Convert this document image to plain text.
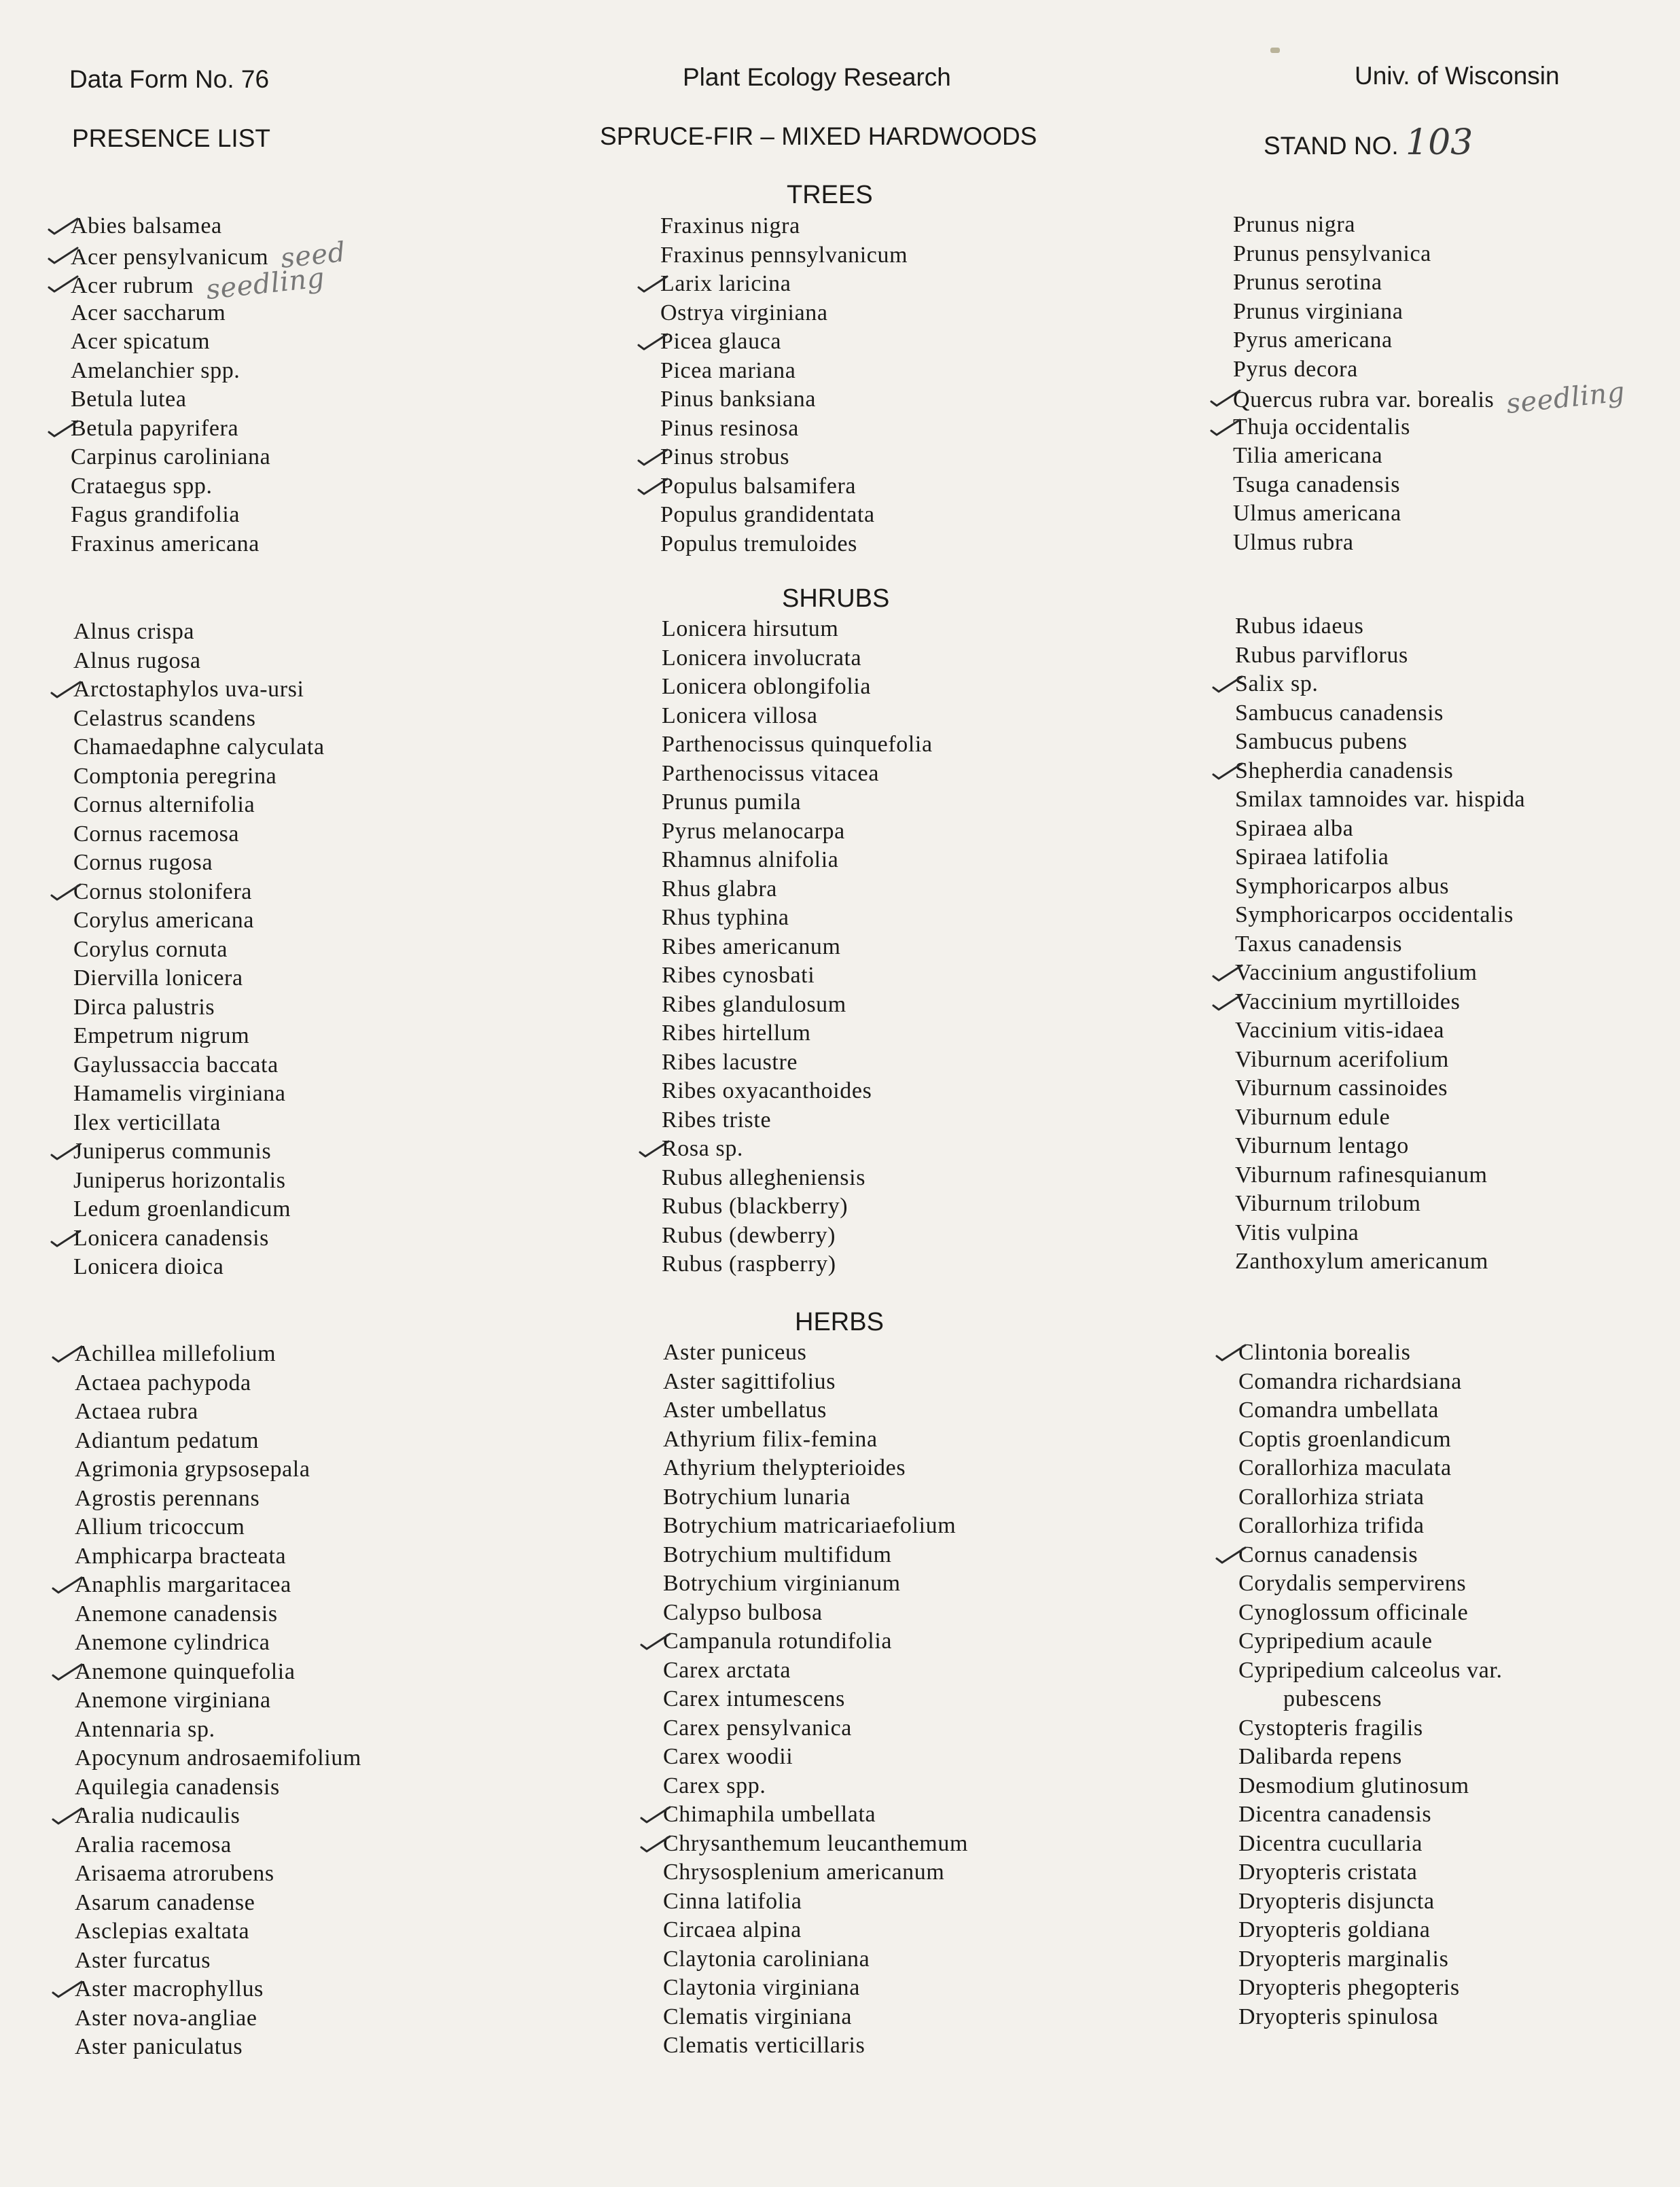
Data Form No. 76	Plant Ecology Research	Univ. of Wisconsin
PRESENCE LIST	SPRUCE-FIR – MIXED HARDWOODS	STAND NO. 103
TREES
SHRUBS
HERBS
Abies balsamea
Acer pensylvanicum seed
Acer rubrum seedling
Acer saccharum
Acer spicatum
Amelanchier spp.
Betula lutea
Betula papyrifera
Carpinus caroliniana
Crataegus spp.
Fagus grandifolia
Fraxinus americana
Fraxinus nigra
Fraxinus pennsylvanicum
Larix laricina
Ostrya virginiana
Picea glauca
Picea mariana
Pinus banksiana
Pinus resinosa
Pinus strobus
Populus balsamifera
Populus grandidentata
Populus tremuloides
Prunus nigra
Prunus pensylvanica
Prunus serotina
Prunus virginiana
Pyrus americana
Pyrus decora
Quercus rubra var. borealis seedling
Thuja occidentalis
Tilia americana
Tsuga canadensis
Ulmus americana
Ulmus rubra
Alnus crispa
Alnus rugosa
Arctostaphylos uva-ursi
Celastrus scandens
Chamaedaphne calyculata
Comptonia peregrina
Cornus alternifolia
Cornus racemosa
Cornus rugosa
Cornus stolonifera
Corylus americana
Corylus cornuta
Diervilla lonicera
Dirca palustris
Empetrum nigrum
Gaylussaccia baccata
Hamamelis virginiana
Ilex verticillata
Juniperus communis
Juniperus horizontalis
Ledum groenlandicum
Lonicera canadensis
Lonicera dioica
Lonicera hirsutum
Lonicera involucrata
Lonicera oblongifolia
Lonicera villosa
Parthenocissus quinquefolia
Parthenocissus vitacea
Prunus pumila
Pyrus melanocarpa
Rhamnus alnifolia
Rhus glabra
Rhus typhina
Ribes americanum
Ribes cynosbati
Ribes glandulosum
Ribes hirtellum
Ribes lacustre
Ribes oxyacanthoides
Ribes triste
Rosa sp.
Rubus allegheniensis
Rubus (blackberry)
Rubus (dewberry)
Rubus (raspberry)
Rubus idaeus
Rubus parviflorus
Salix sp.
Sambucus canadensis
Sambucus pubens
Shepherdia canadensis
Smilax tamnoides var. hispida
Spiraea alba
Spiraea latifolia
Symphoricarpos albus
Symphoricarpos occidentalis
Taxus canadensis
Vaccinium angustifolium
Vaccinium myrtilloides
Vaccinium vitis-idaea
Viburnum acerifolium
Viburnum cassinoides
Viburnum edule
Viburnum lentago
Viburnum rafinesquianum
Viburnum trilobum
Vitis vulpina
Zanthoxylum americanum
Achillea millefolium
Actaea pachypoda
Actaea rubra
Adiantum pedatum
Agrimonia grypsosepala
Agrostis perennans
Allium tricoccum
Amphicarpa bracteata
Anaphlis margaritacea
Anemone canadensis
Anemone cylindrica
Anemone quinquefolia
Anemone virginiana
Antennaria sp.
Apocynum androsaemifolium
Aquilegia canadensis
Aralia nudicaulis
Aralia racemosa
Arisaema atrorubens
Asarum canadense
Asclepias exaltata
Aster furcatus
Aster macrophyllus
Aster nova-angliae
Aster paniculatus
Aster puniceus
Aster sagittifolius
Aster umbellatus
Athyrium filix-femina
Athyrium thelypterioides
Botrychium lunaria
Botrychium matricariaefolium
Botrychium multifidum
Botrychium virginianum
Calypso bulbosa
Campanula rotundifolia
Carex arctata
Carex intumescens
Carex pensylvanica
Carex woodii
Carex spp.
Chimaphila umbellata
Chrysanthemum leucanthemum
Chrysosplenium americanum
Cinna latifolia
Circaea alpina
Claytonia caroliniana
Claytonia virginiana
Clematis virginiana
Clematis verticillaris
Clintonia borealis
Comandra richardsiana
Comandra umbellata
Coptis groenlandicum
Corallorhiza maculata
Corallorhiza striata
Corallorhiza trifida
Cornus canadensis
Corydalis sempervirens
Cynoglossum officinale
Cypripedium acaule
Cypripedium calceolus var.
pubescens
Cystopteris fragilis
Dalibarda repens
Desmodium glutinosum
Dicentra canadensis
Dicentra cucullaria
Dryopteris cristata
Dryopteris disjuncta
Dryopteris goldiana
Dryopteris marginalis
Dryopteris phegopteris
Dryopteris spinulosa
